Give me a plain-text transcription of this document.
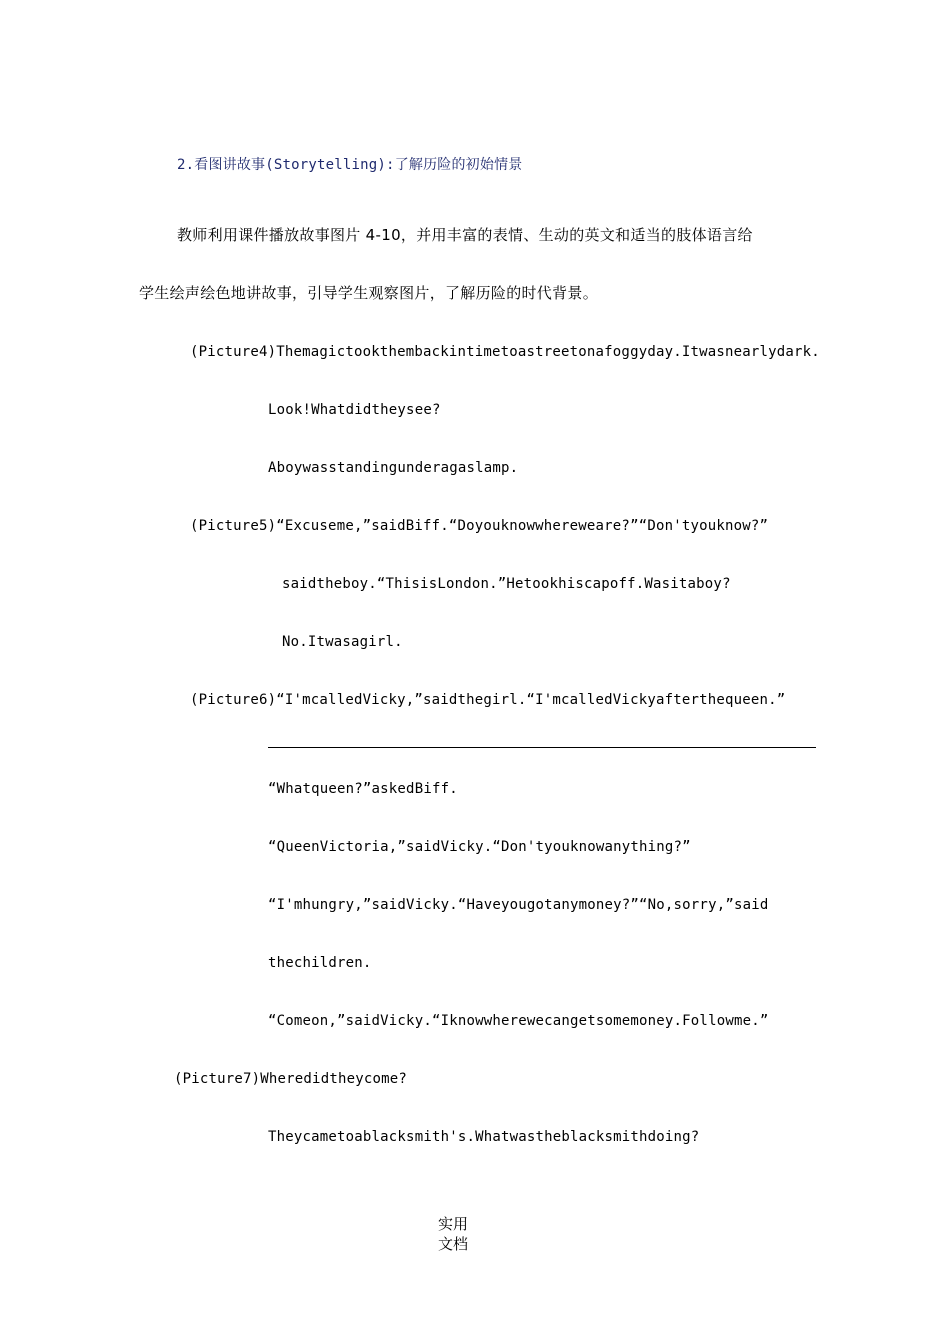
2.看图讲故事(Storytelling):了解历险的初始情景
教师利用课件播放故事图片 4-10，并用丰富的表情、生动的英文和适当的肢体语言给
学生绘声绘色地讲故事，引导学生观察图片，了解历险的时代背景。
(Picture4)Themagictookthembackintimetoastreetonafoggyday.Itwasnearlydark.
Look!Whatdidtheysee?
Aboywasstandingunderagaslamp.
(Picture5)“Excuseme,”saidBiff.“Doyouknowwhereweare?”“Don'tyouknow?”
saidtheboy.“ThisisLondon.”Hetookhiscapoff.Wasitaboy?
No.Itwasagirl.
(Picture6)“I'mcalledVicky,”saidthegirl.“I'mcalledVickyafterthequeen.”
“Whatqueen?”askedBiff.
“QueenVictoria,”saidVicky.“Don'tyouknowanything?”
“I'mhungry,”saidVicky.“Haveyougotanymoney?”“No,sorry,”said
thechildren.
“Comeon,”saidVicky.“Iknowwherewecangetsomemoney.Followme.”
(Picture7)Wheredidtheycome?
Theycametoablacksmith's.Whatwastheblacksmithdoing?
实用
文档
